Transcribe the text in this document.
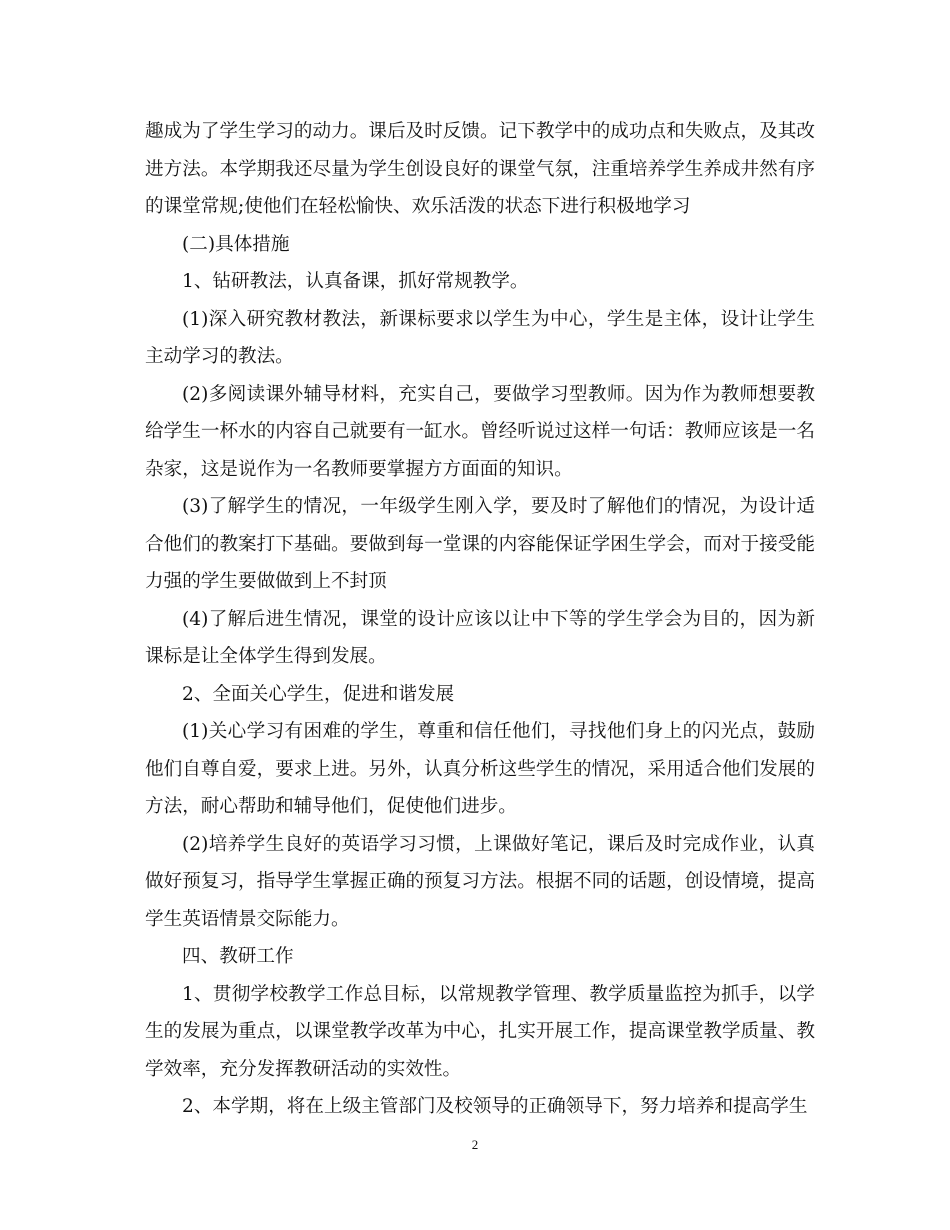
趣成为了学生学习的动力。课后及时反馈。记下教学中的成功点和失败点，及其改进方法。本学期我还尽量为学生创设良好的课堂气氛，注重培养学生养成井然有序的课堂常规;使他们在轻松愉快、欢乐活泼的状态下进行积极地学习

(二)具体措施

1、钻研教法，认真备课，抓好常规教学。

(1)深入研究教材教法，新课标要求以学生为中心，学生是主体，设计让学生主动学习的教法。

(2)多阅读课外辅导材料，充实自己，要做学习型教师。因为作为教师想要教给学生一杯水的内容自己就要有一缸水。曾经听说过这样一句话：教师应该是一名杂家，这是说作为一名教师要掌握方方面面的知识。

(3)了解学生的情况，一年级学生刚入学，要及时了解他们的情况，为设计适合他们的教案打下基础。要做到每一堂课的内容能保证学困生学会，而对于接受能力强的学生要做做到上不封顶

(4)了解后进生情况，课堂的设计应该以让中下等的学生学会为目的，因为新课标是让全体学生得到发展。

2、全面关心学生，促进和谐发展

(1)关心学习有困难的学生，尊重和信任他们，寻找他们身上的闪光点，鼓励他们自尊自爱，要求上进。另外，认真分析这些学生的情况，采用适合他们发展的方法，耐心帮助和辅导他们，促使他们进步。

(2)培养学生良好的英语学习习惯，上课做好笔记，课后及时完成作业，认真做好预复习，指导学生掌握正确的预复习方法。根据不同的话题，创设情境，提高学生英语情景交际能力。

四、教研工作

1、贯彻学校教学工作总目标，以常规教学管理、教学质量监控为抓手，以学生的发展为重点，以课堂教学改革为中心，扎实开展工作，提高课堂教学质量、教学效率，充分发挥教研活动的实效性。

2、本学期，将在上级主管部门及校领导的正确领导下，努力培养和提高学生

2
